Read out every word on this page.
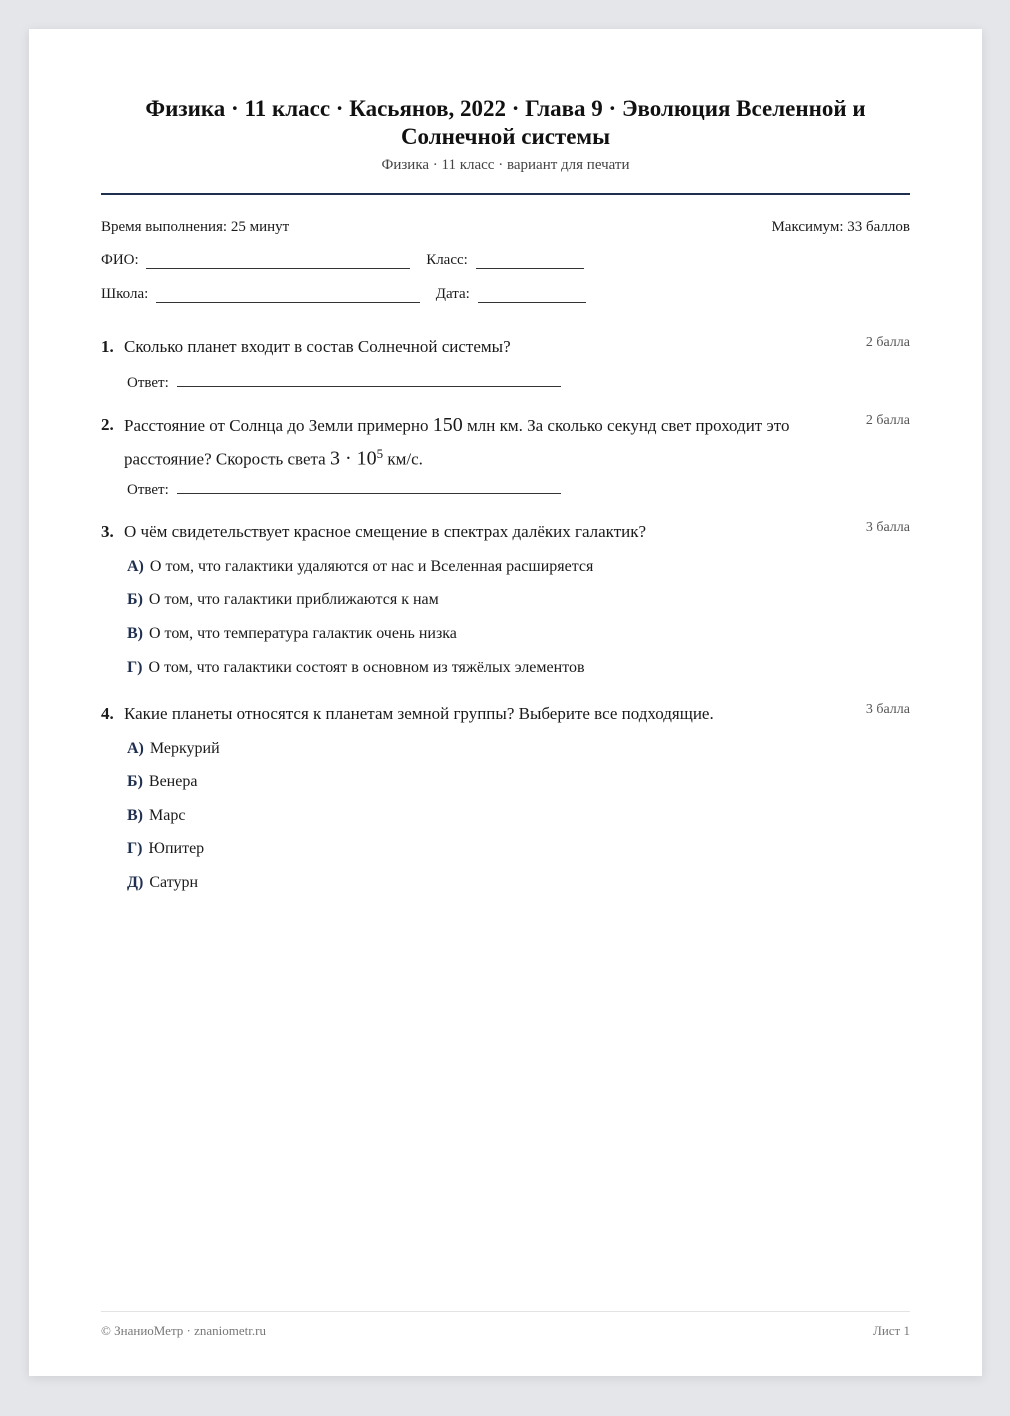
Физика · 11 класс · Касьянов, 2022 · Глава 9 · Эволюция Вселенной и Солнечной системы
Физика · 11 класс · вариант для печати
Время выполнения: 25 минут	Максимум: 33 баллов
ФИО:	Класс:
Школа:	Дата:
1. Сколько планет входит в состав Солнечной системы?	2 балла
Ответ:
2. Расстояние от Солнца до Земли примерно 150 млн км. За сколько секунд свет проходит это расстояние? Скорость света $3 \cdot 10^5$ км/с.
2 балла
Ответ:
3. О чём свидетельствует красное смещение в спектрах далёких галактик?	3 балла
А) О том, что галактики удаляются от нас и Вселенная расширяется
Б) О том, что галактики приближаются к нам
В) О том, что температура галактик очень низка
Г) О том, что галактики состоят в основном из тяжёлых элементов
4. Какие планеты относятся к планетам земной группы? Выберите все подходящие.	3 балла
А) Меркурий
Б) Венера
В) Марс
Г) Юпитер
Д) Сатурн
© ЗнаниоМетр · znaniometr.ru	Лист 1
